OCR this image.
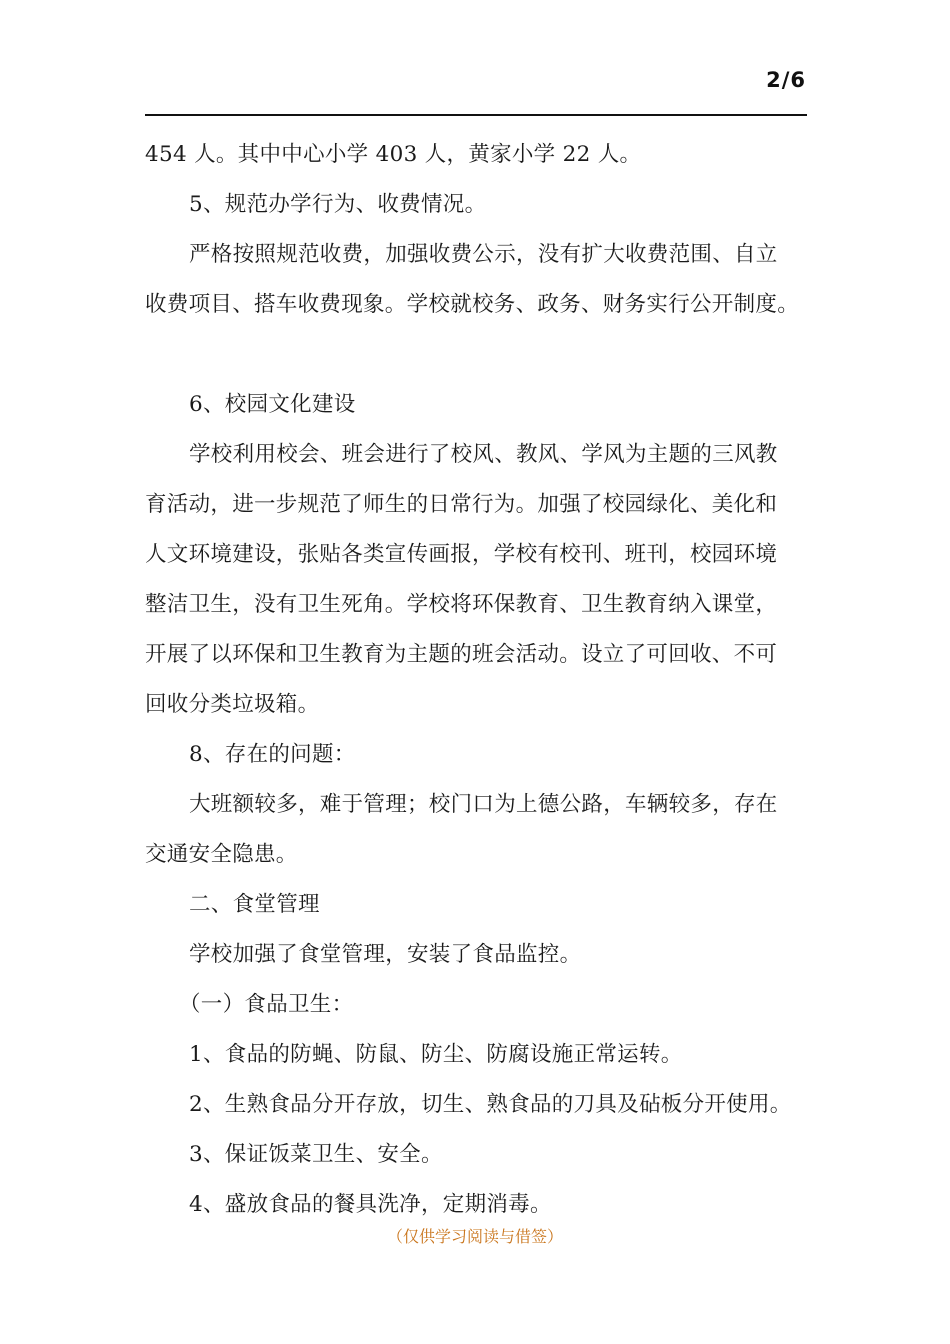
2/6
454 人。其中中心小学 403 人，黄家小学 22 人。
5、规范办学行为、收费情况。
严格按照规范收费，加强收费公示，没有扩大收费范围、自立
收费项目、搭车收费现象。学校就校务、政务、财务实行公开制度。
6、校园文化建设
学校利用校会、班会进行了校风、教风、学风为主题的三风教
育活动，进一步规范了师生的日常行为。加强了校园绿化、美化和
人文环境建设，张贴各类宣传画报，学校有校刊、班刊，校园环境
整洁卫生，没有卫生死角。学校将环保教育、卫生教育纳入课堂，
开展了以环保和卫生教育为主题的班会活动。设立了可回收、不可
回收分类垃圾箱。
8、存在的问题：
大班额较多，难于管理；校门口为上德公路，车辆较多，存在
交通安全隐患。
二、食堂管理
学校加强了食堂管理，安装了食品监控。
（一）食品卫生：
1、食品的防蝇、防鼠、防尘、防腐设施正常运转。
2、生熟食品分开存放，切生、熟食品的刀具及砧板分开使用。
3、保证饭菜卫生、安全。
4、盛放食品的餐具洗净，定期消毒。
（仅供学习阅读与借签）
